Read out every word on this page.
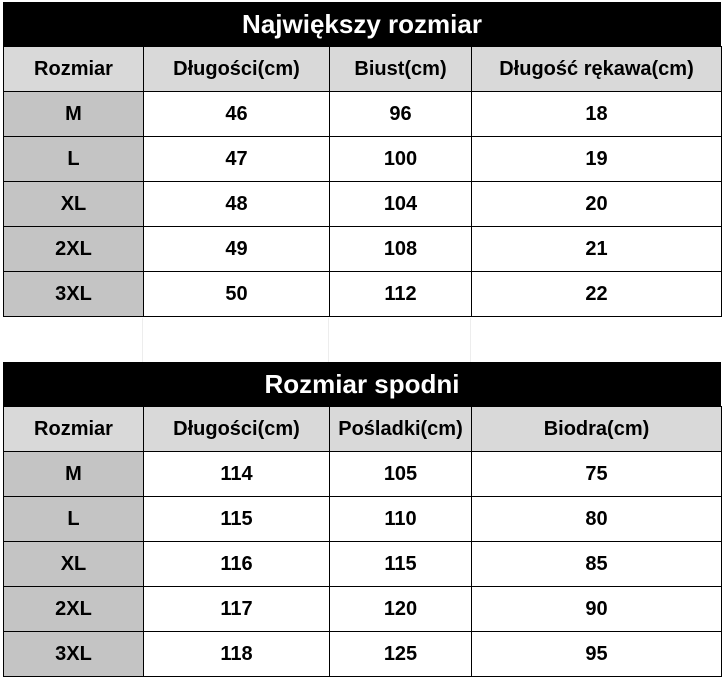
Największy rozmiar
Rozmiar	Długości(cm)	Biust(cm)	Długość rękawa(cm)
M	46	96	18
L	47	100	19
XL	48	104	20
2XL	49	108	21
3XL	50	112	22
Rozmiar spodni
Rozmiar	Długości(cm)	Pośladki(cm)	Biodra(cm)
M	114	105	75
L	115	110	80
XL	116	115	85
2XL	117	120	90
3XL	118	125	95
